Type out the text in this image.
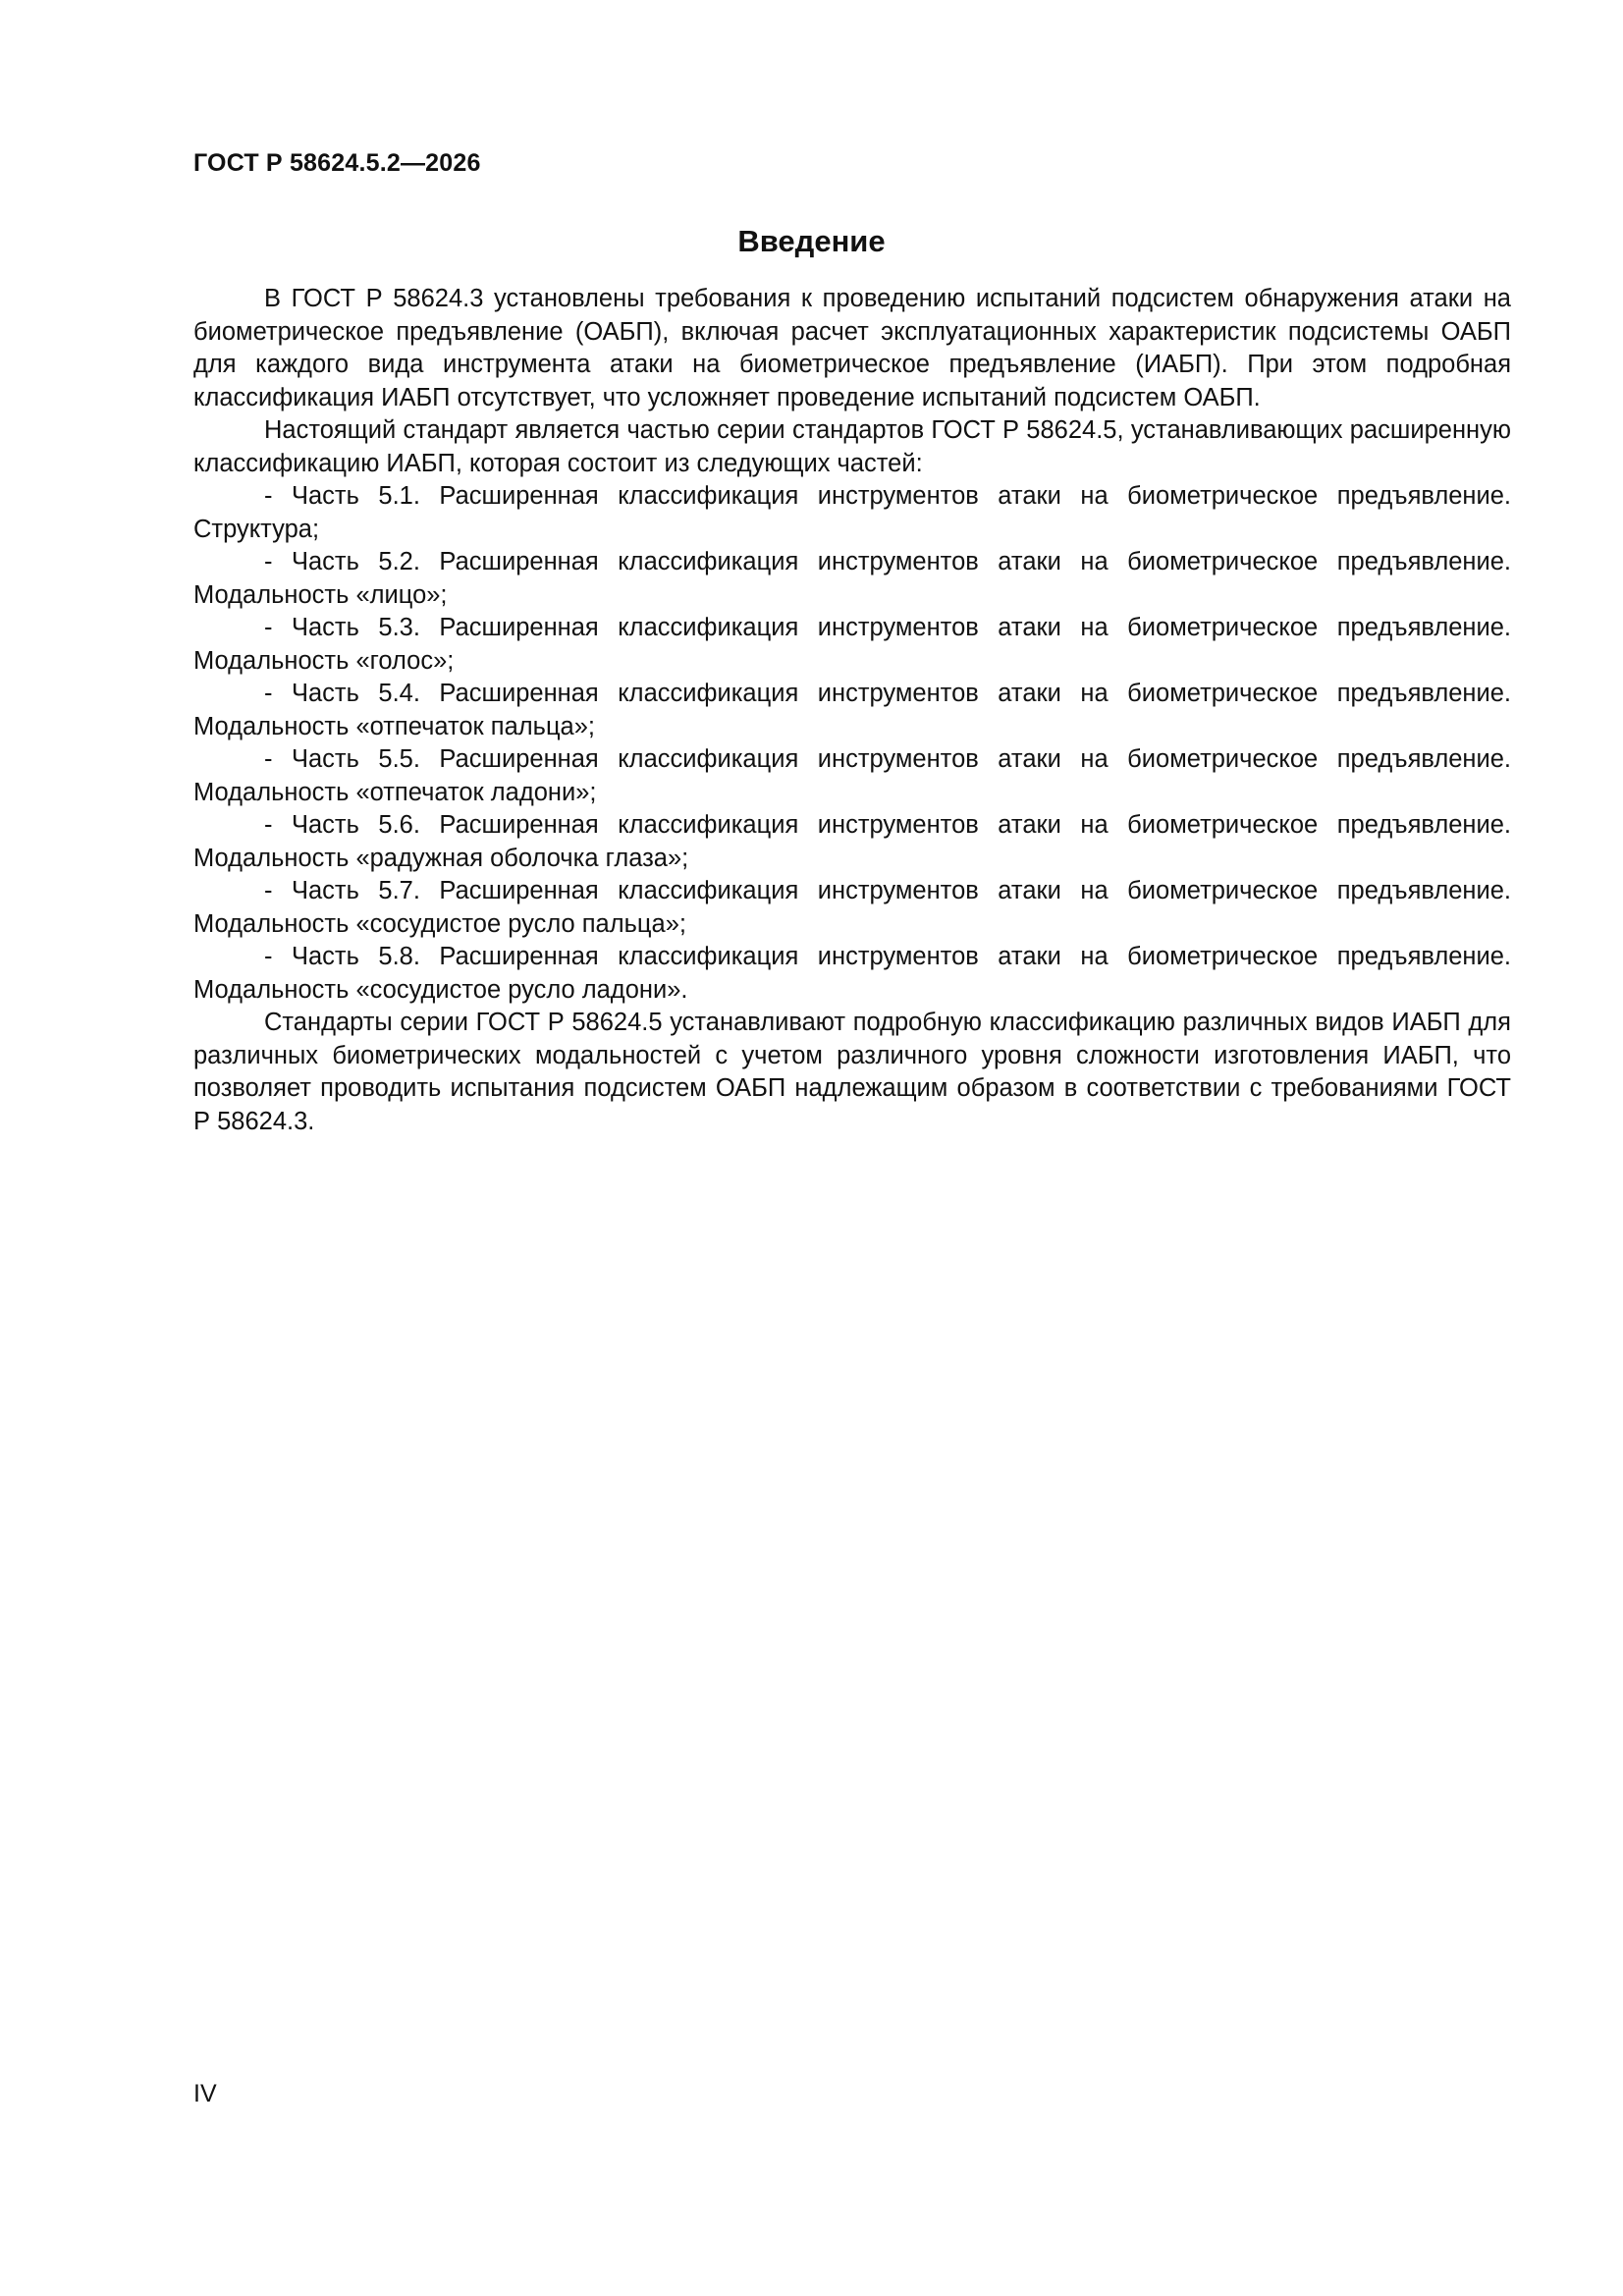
ГОСТ Р 58624.5.2—2026
Введение

В ГОСТ Р 58624.3 установлены требования к проведению испытаний подсистем обнаружения атаки на биометрическое предъявление (ОАБП), включая расчет эксплуатационных характеристик подсистемы ОАБП для каждого вида инструмента атаки на биометрическое предъявление (ИАБП). При этом подробная классификация ИАБП отсутствует, что усложняет проведение испытаний подсистем ОАБП.

Настоящий стандарт является частью серии стандартов ГОСТ Р 58624.5, устанавливающих расширенную классификацию ИАБП, которая состоит из следующих частей:

- Часть 5.1. Расширенная классификация инструментов атаки на биометрическое предъявление. Структура;

- Часть 5.2. Расширенная классификация инструментов атаки на биометрическое предъявление. Модальность «лицо»;

- Часть 5.3. Расширенная классификация инструментов атаки на биометрическое предъявление. Модальность «голос»;

- Часть 5.4. Расширенная классификация инструментов атаки на биометрическое предъявление. Модальность «отпечаток пальца»;

- Часть 5.5. Расширенная классификация инструментов атаки на биометрическое предъявление. Модальность «отпечаток ладони»;

- Часть 5.6. Расширенная классификация инструментов атаки на биометрическое предъявление. Модальность «радужная оболочка глаза»;

- Часть 5.7. Расширенная классификация инструментов атаки на биометрическое предъявление. Модальность «сосудистое русло пальца»;

- Часть 5.8. Расширенная классификация инструментов атаки на биометрическое предъявление. Модальность «сосудистое русло ладони».

Стандарты серии ГОСТ Р 58624.5 устанавливают подробную классификацию различных видов ИАБП для различных биометрических модальностей с учетом различного уровня сложности изготовления ИАБП, что позволяет проводить испытания подсистем ОАБП надлежащим образом в соответствии с требованиями ГОСТ Р 58624.3.

IV
